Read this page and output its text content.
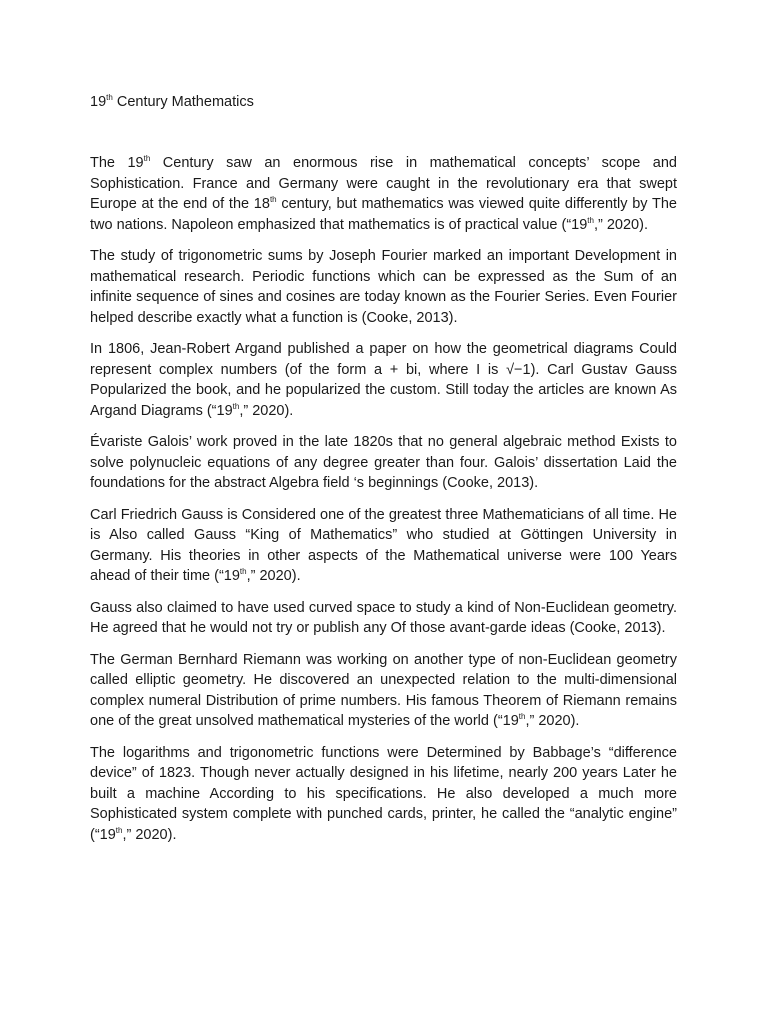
19th Century Mathematics

The 19th Century saw an enormous rise in mathematical concepts’ scope and Sophistication. France and Germany were caught in the revolutionary era that swept Europe at the end of the 18th century, but mathematics was viewed quite differently by The two nations. Napoleon emphasized that mathematics is of practical value (“19th,” 2020).

The study of trigonometric sums by Joseph Fourier marked an important Development in mathematical research. Periodic functions which can be expressed as the Sum of an infinite sequence of sines and cosines are today known as the Fourier Series. Even Fourier helped describe exactly what a function is (Cooke, 2013).

In 1806, Jean-Robert Argand published a paper on how the geometrical diagrams Could represent complex numbers (of the form a + bi, where I is √−1). Carl Gustav Gauss Popularized the book, and he popularized the custom. Still today the articles are known As Argand Diagrams (“19th,” 2020).

Évariste Galois’ work proved in the late 1820s that no general algebraic method Exists to solve polynucleic equations of any degree greater than four. Galois’ dissertation Laid the foundations for the abstract Algebra field ‘s beginnings (Cooke, 2013).

Carl Friedrich Gauss is Considered one of the greatest three Mathematicians of all time. He is Also called Gauss “King of Mathematics” who studied at Göttingen University in Germany. His theories in other aspects of the Mathematical universe were 100 Years ahead of their time (“19th,” 2020).

Gauss also claimed to have used curved space to study a kind of Non-Euclidean geometry. He agreed that he would not try or publish any Of those avant-garde ideas (Cooke, 2013).

The German Bernhard Riemann was working on another type of non-Euclidean geometry called elliptic geometry. He discovered an unexpected relation to the multi-dimensional complex numeral Distribution of prime numbers. His famous Theorem of Riemann remains one of the great unsolved mathematical mysteries of the world (“19th,” 2020).

The logarithms and trigonometric functions were Determined by Babbage’s “difference device” of 1823. Though never actually designed in his lifetime, nearly 200 years Later he built a machine According to his specifications. He also developed a much more Sophisticated system complete with punched cards, printer, he called the “analytic engine” (“19th,” 2020).
